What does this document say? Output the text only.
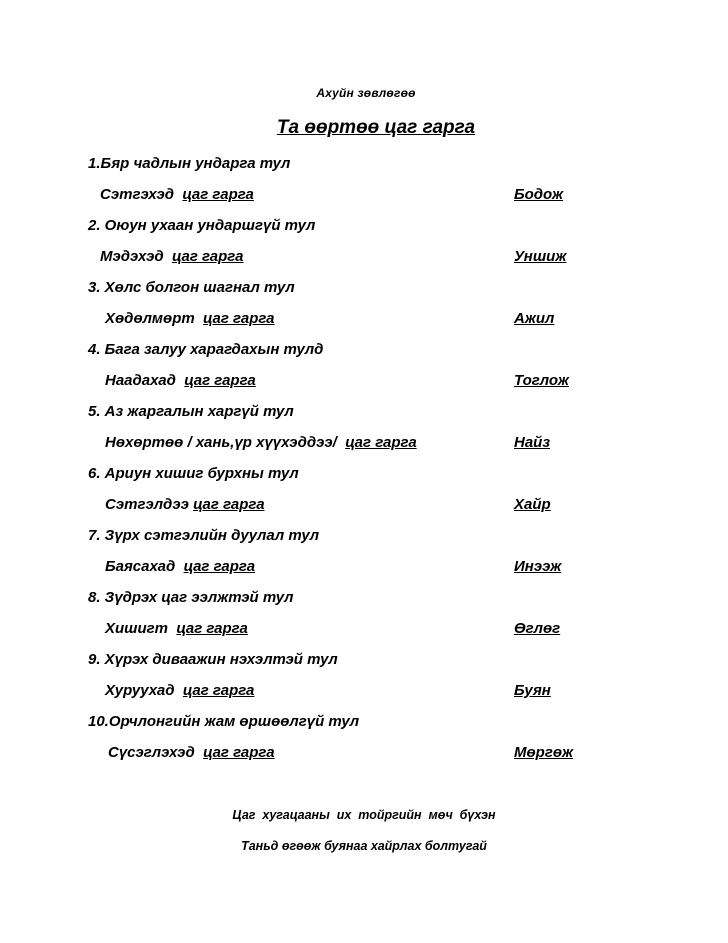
Ахуйн зөвлөгөө
Та өөртөө цаг гарга
1.Бяр чадлын ундарга тул
Сэтгэхэд цаг гарга	Бодож
2. Оюун ухаан ундаршгүй тул
Мэдэхэд цаг гарга	Уншиж
3. Хөлс болгон шагнал тул
Хөдөлмөрт цаг гарга	Ажил
4. Бага залуу харагдахын тулд
Наадахад цаг гарга	Тоглож
5. Аз жаргалын харгүй тул
Нөхөртөө / хань,үр хүүхэддээ/ цаг гарга	Найз
6. Ариун хишиг бурхны тул
Сэтгэлдээ цаг гарга	Хайр
7. Зүрх сэтгэлийн дуулал тул
Баясахад цаг гарга	Инээж
8. Зүдрэх цаг ээлжтэй тул
Хишигт цаг гарга	Өглөг
9. Хүрэх диваажин нэхэлтэй тул
Хуруухад цаг гарга	Буян
10.Орчлонгийн жам өршөөлгүй тул
Сүсэглэхэд цаг гарга	Мөргөж
Цаг  хугацааны  их  тойргийн  мөч  бүхэн
Таньд өгөөж буянаа хайрлах болтугай
